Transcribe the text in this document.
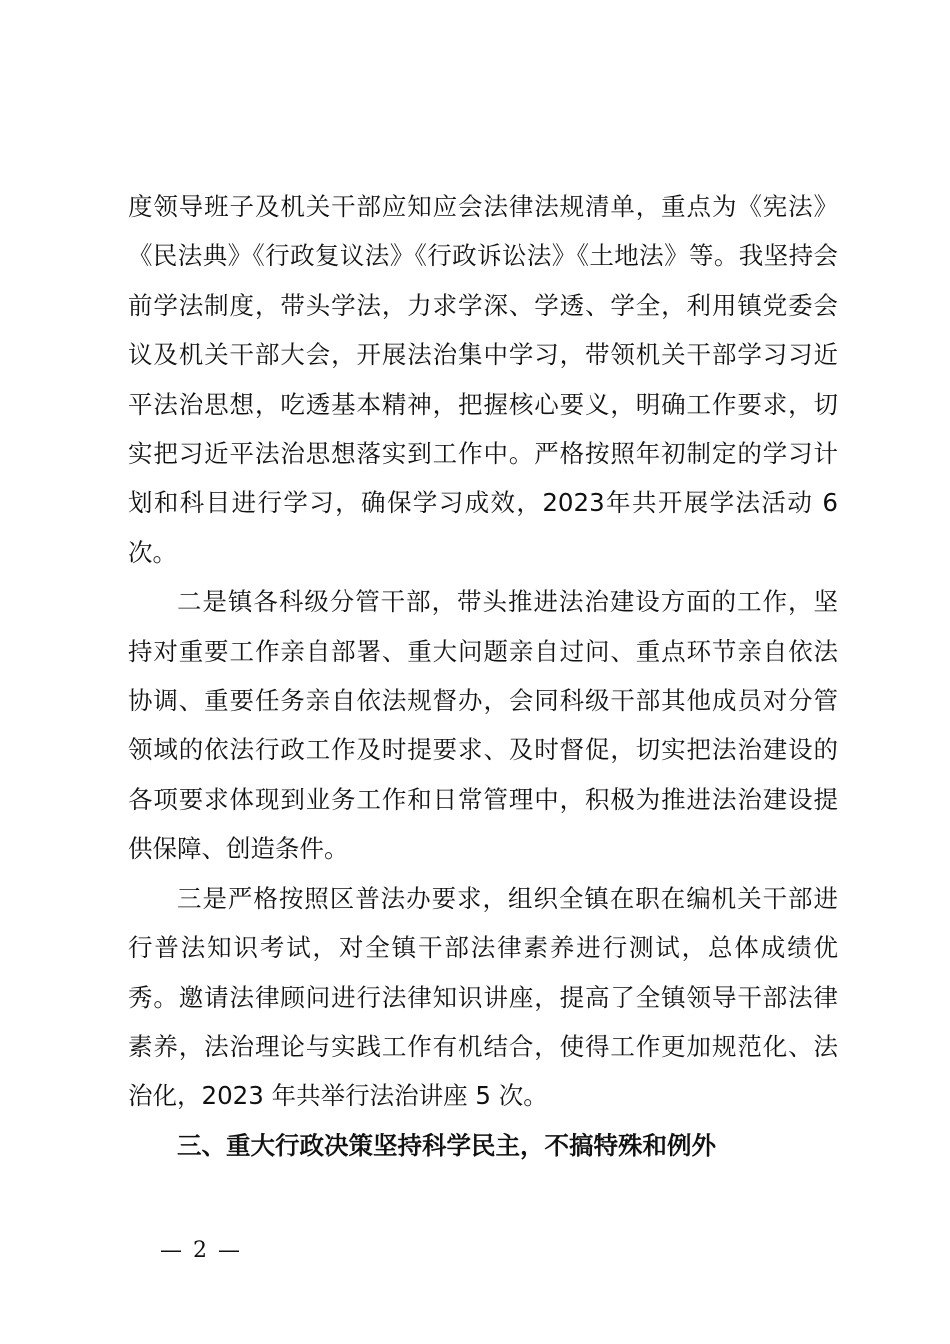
度领导班子及机关干部应知应会法律法规清单，重点为《宪法》《民法典》《行政复议法》《行政诉讼法》《土地法》等。我坚持会前学法制度，带头学法，力求学深、学透、学全，利用镇党委会议及机关干部大会，开展法治集中学习，带领机关干部学习习近平法治思想，吃透基本精神，把握核心要义，明确工作要求，切实把习近平法治思想落实到工作中。严格按照年初制定的学习计划和科目进行学习，确保学习成效，2023年共开展学法活动 6 次。

二是镇各科级分管干部，带头推进法治建设方面的工作，坚持对重要工作亲自部署、重大问题亲自过问、重点环节亲自依法协调、重要任务亲自依法规督办，会同科级干部其他成员对分管领域的依法行政工作及时提要求、及时督促，切实把法治建设的各项要求体现到业务工作和日常管理中，积极为推进法治建设提供保障、创造条件。

三是严格按照区普法办要求，组织全镇在职在编机关干部进行普法知识考试，对全镇干部法律素养进行测试，总体成绩优秀。邀请法律顾问进行法律知识讲座，提高了全镇领导干部法律素养，法治理论与实践工作有机结合，使得工作更加规范化、法治化，2023 年共举行法治讲座 5 次。

三、重大行政决策坚持科学民主，不搞特殊和例外

— 2 —
